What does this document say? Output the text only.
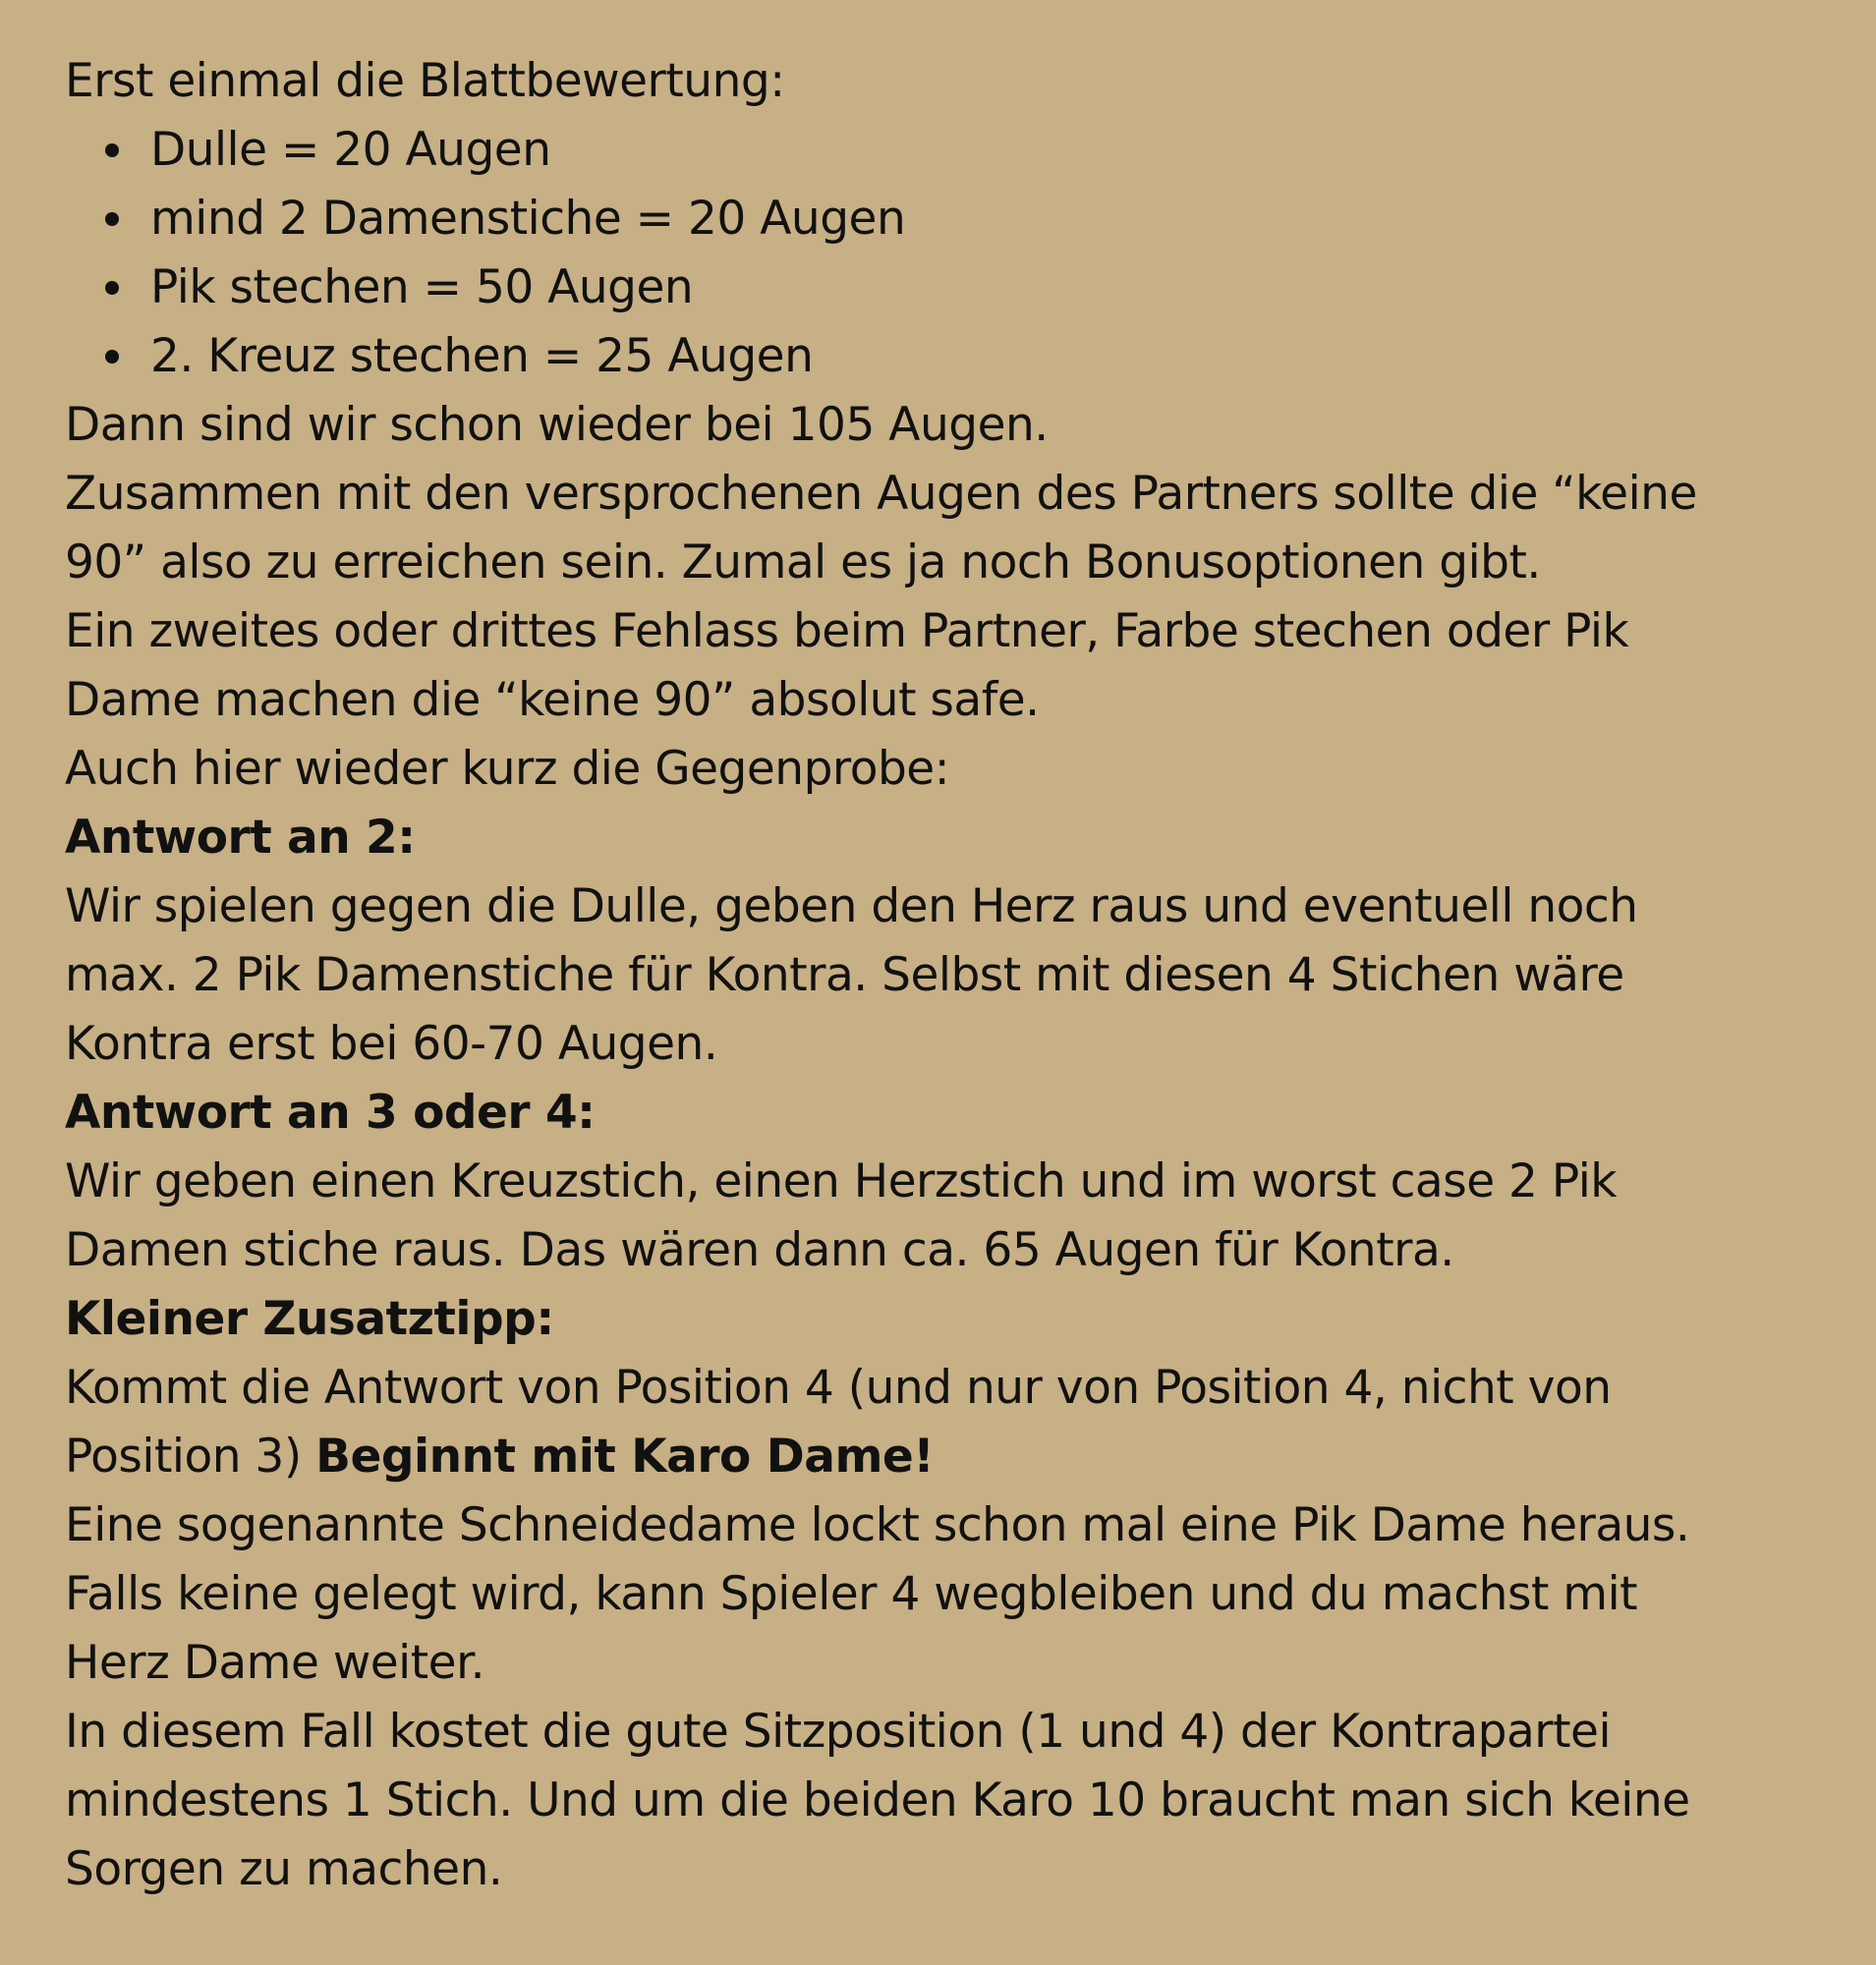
Erst einmal die Blattbewertung:
Dulle = 20 Augen
mind 2 Damenstiche = 20 Augen
Pik stechen = 50 Augen
2. Kreuz stechen = 25 Augen
Dann sind wir schon wieder bei 105 Augen.
Zusammen mit den versprochenen Augen des Partners sollte die “keine
90” also zu erreichen sein. Zumal es ja noch Bonusoptionen gibt.
Ein zweites oder drittes Fehlass beim Partner, Farbe stechen oder Pik
Dame machen die “keine 90” absolut safe.
Auch hier wieder kurz die Gegenprobe:
Antwort an 2:
Wir spielen gegen die Dulle, geben den Herz raus und eventuell noch
max. 2 Pik Damenstiche für Kontra. Selbst mit diesen 4 Stichen wäre
Kontra erst bei 60-70 Augen.
Antwort an 3 oder 4:
Wir geben einen Kreuzstich, einen Herzstich und im worst case 2 Pik
Damen stiche raus. Das wären dann ca. 65 Augen für Kontra.
Kleiner Zusatztipp:
Kommt die Antwort von Position 4 (und nur von Position 4, nicht von
Position 3) Beginnt mit Karo Dame!
Eine sogenannte Schneidedame lockt schon mal eine Pik Dame heraus.
Falls keine gelegt wird, kann Spieler 4 wegbleiben und du machst mit
Herz Dame weiter.
In diesem Fall kostet die gute Sitzposition (1 und 4) der Kontrapartei
mindestens 1 Stich. Und um die beiden Karo 10 braucht man sich keine
Sorgen zu machen.
